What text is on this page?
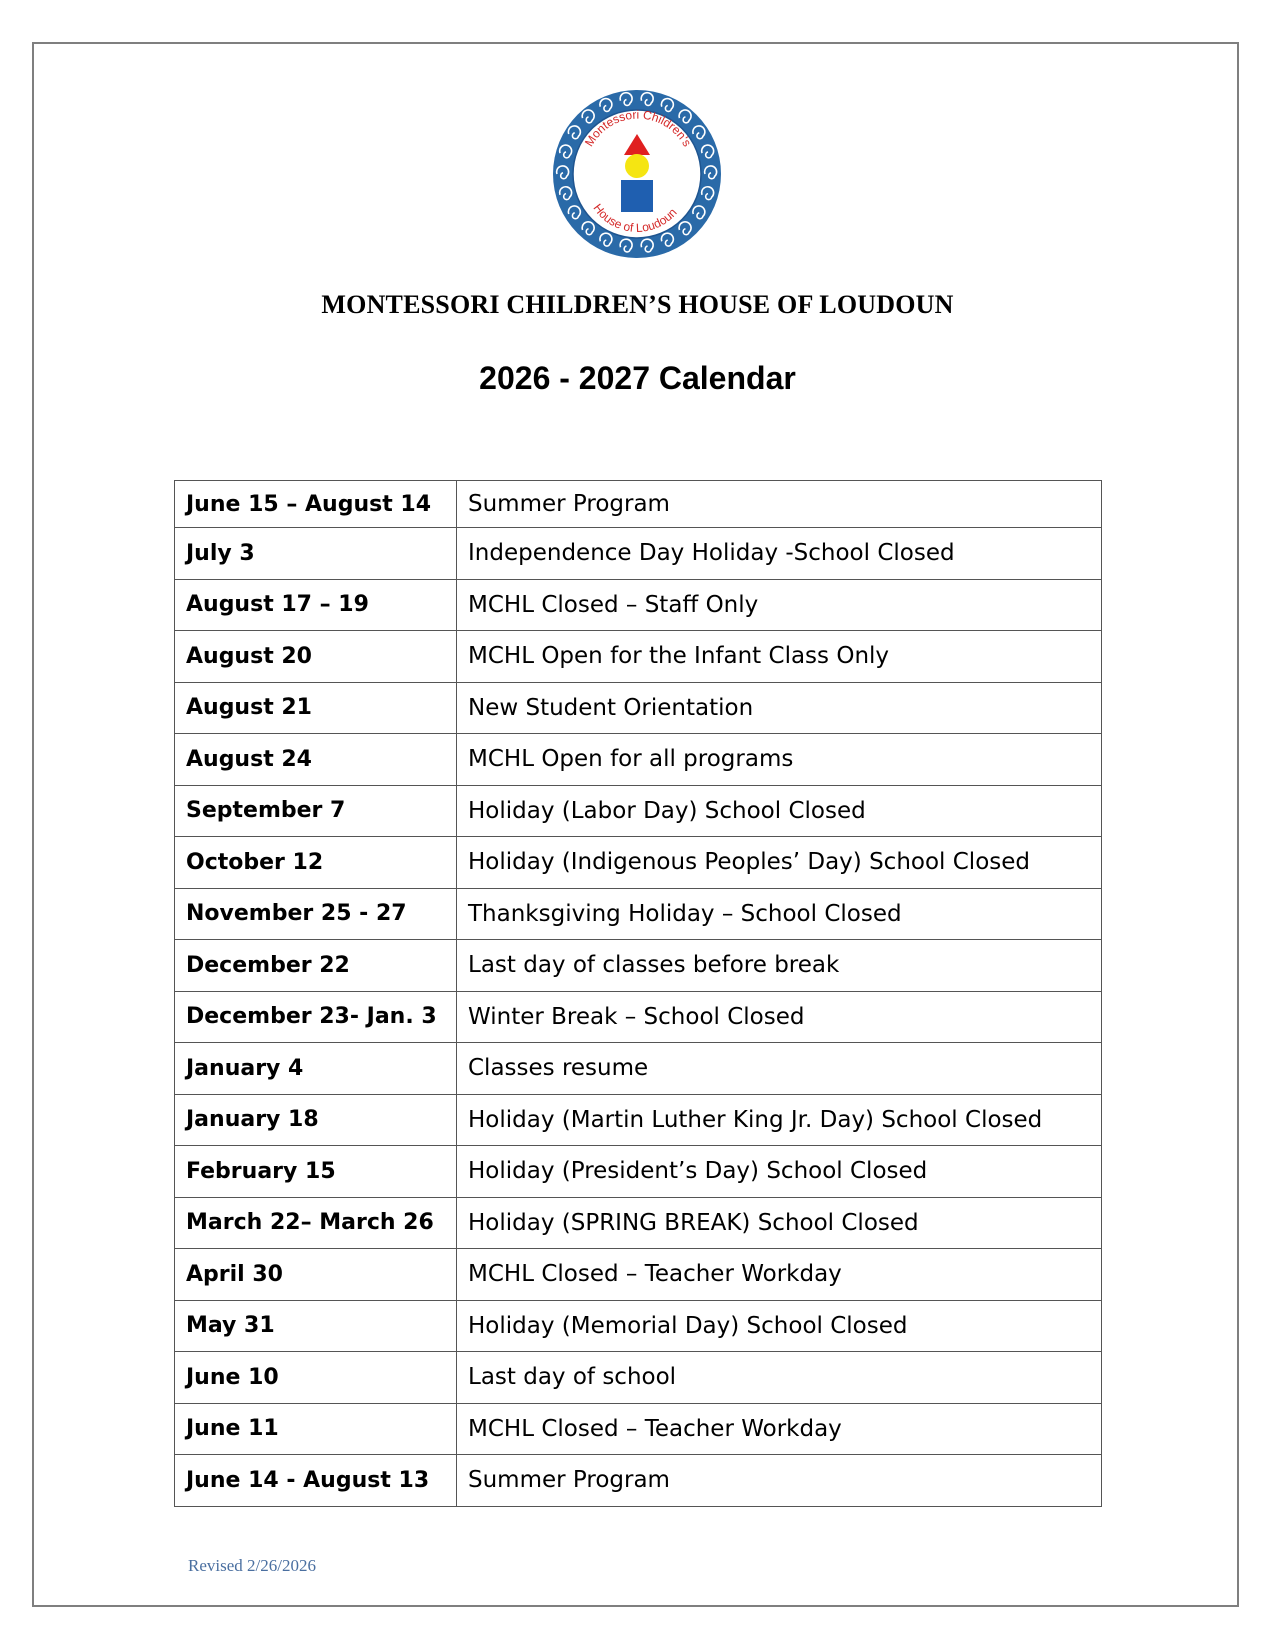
Montessori Children's
House of Loudoun
MONTESSORI CHILDREN’S HOUSE OF LOUDOUN
2026 - 2027 Calendar
June 15 – August 14	Summer Program
July 3	Independence Day Holiday -School Closed
August 17 – 19	MCHL Closed – Staff Only
August 20	MCHL Open for the Infant Class Only
August 21	New Student Orientation
August 24	MCHL Open for all programs
September 7	Holiday (Labor Day) School Closed
October 12	Holiday (Indigenous Peoples’ Day) School Closed
November 25 - 27	Thanksgiving Holiday – School Closed
December 22	Last day of classes before break
December 23- Jan. 3	Winter Break – School Closed
January 4	Classes resume
January 18	Holiday (Martin Luther King Jr. Day) School Closed
February 15	Holiday (President’s Day) School Closed
March 22– March 26	Holiday (SPRING BREAK) School Closed
April 30	MCHL Closed – Teacher Workday
May 31	Holiday (Memorial Day) School Closed
June 10	Last day of school
June 11	MCHL Closed – Teacher Workday
June 14 - August 13	Summer Program
Revised 2/26/2026
